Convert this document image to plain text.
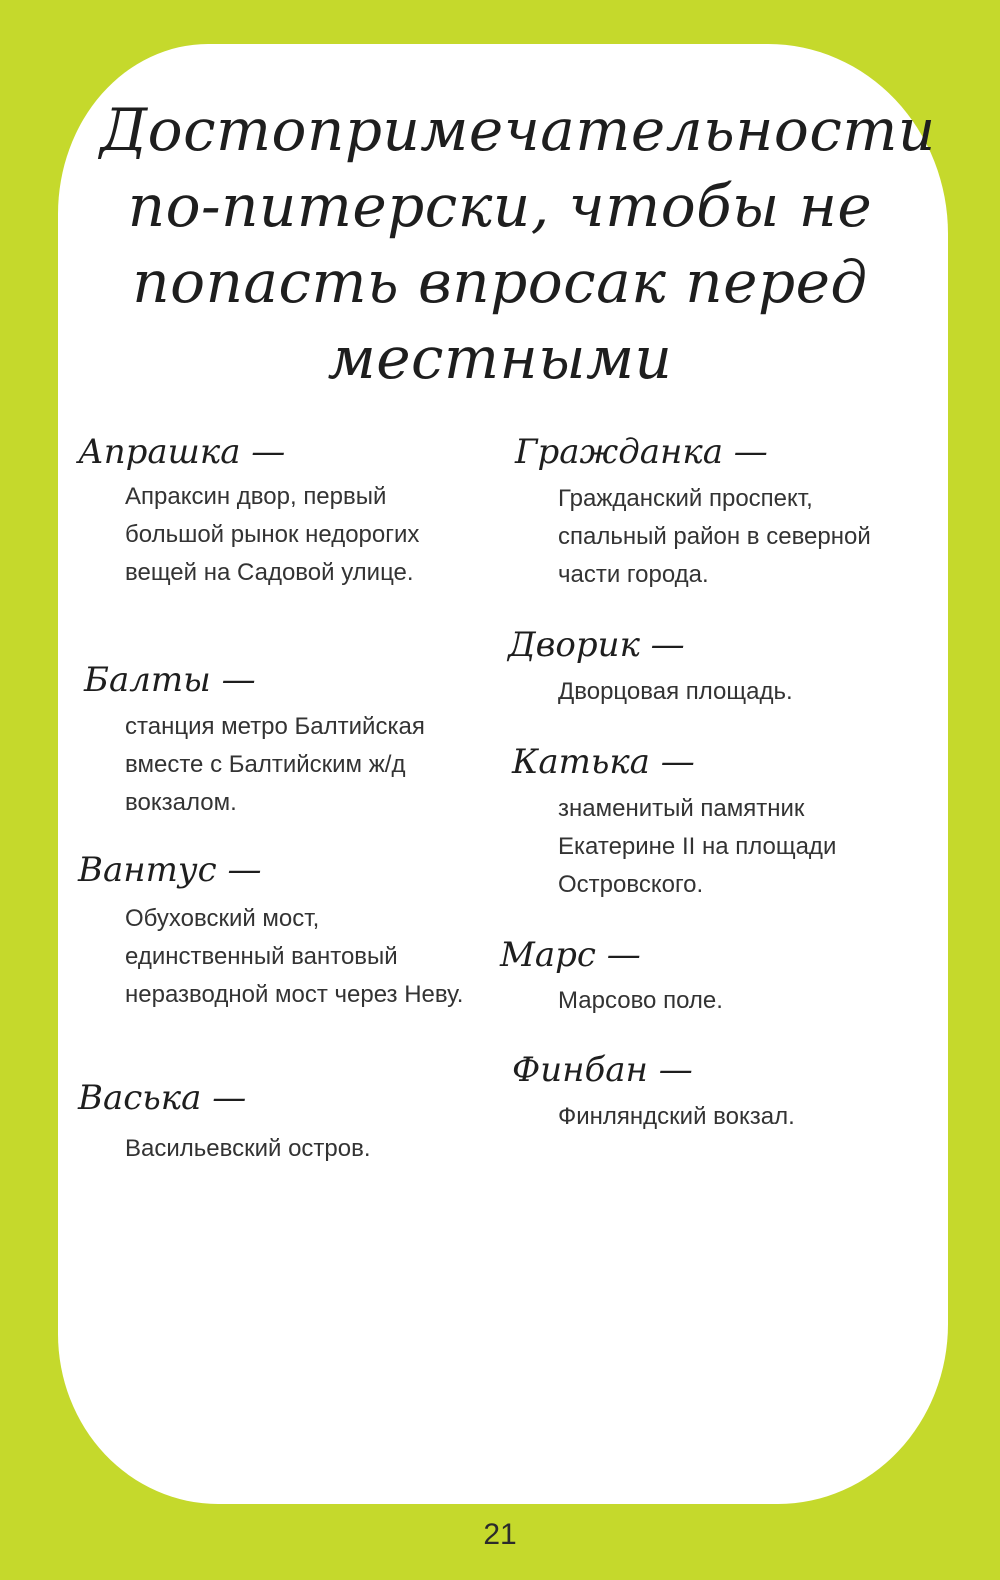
Достопримечательности по-питерски, чтобы не попасть впросак перед местными

Апрашка —

Апраксин двор, первый большой рынок недорогих вещей на Садовой улице.

Балты —

станция метро Балтийская вместе с Балтийским ж/д вокзалом.

Вантус —

Обуховский мост, единственный вантовый неразводной мост через Неву.

Васька —

Васильевский остров.

Гражданка —

Гражданский проспект, спальный район в северной части города.

Дворик —

Дворцовая площадь.

Катька —

знаменитый памятник Екатерине II на площади Островского.

Марс —

Марсово поле.

Финбан —

Финляндский вокзал.

21
